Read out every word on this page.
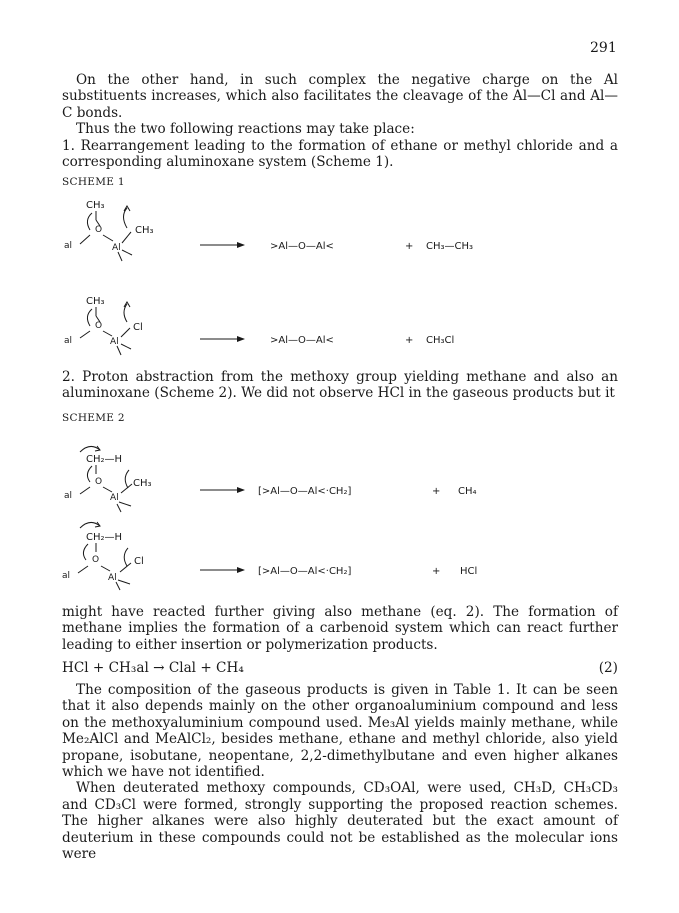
291

On the other hand, in such complex the negative charge on the Al substituents increases, which also facilitates the cleavage of the Al—Cl and Al—C bonds.

Thus the two following reactions may take place:

1. Rearrangement leading to the formation of ethane or methyl chloride and a corresponding aluminoxane system (Scheme 1).

SCHEME 1
CH₃
O
al	Al
CH₃
>Al—O—Al<	+ CH₃—CH₃
CH₃
O
al	Al
Cl
>Al—O—Al<	+ CH₃Cl
CH₂—H
O
al	Al
CH₃
[>Al—O—Al<·CH₂]	+ CH₄
CH₂—H
O
al	Al
Cl
[>Al—O—Al<·CH₂]	+ HCl

2. Proton abstraction from the methoxy group yielding methane and also an aluminoxane (Scheme 2). We did not observe HCl in the gaseous products but it

SCHEME 2

might have reacted further giving also methane (eq. 2). The formation of methane implies the formation of a carbenoid system which can react further leading to either insertion or polymerization products.

HCl + CH₃al → Clal + CH₄	(2)

The composition of the gaseous products is given in Table 1. It can be seen that it also depends mainly on the other organoaluminium compound and less on the methoxyaluminium compound used. Me₃Al yields mainly methane, while Me₂AlCl and MeAlCl₂, besides methane, ethane and methyl chloride, also yield propane, isobutane, neopentane, 2,2-dimethylbutane and even higher alkanes which we have not identified.

When deuterated methoxy compounds, CD₃OAl, were used, CH₃D, CH₃CD₃ and CD₃Cl were formed, strongly supporting the proposed reaction schemes. The higher alkanes were also highly deuterated but the exact amount of deuterium in these compounds could not be established as the molecular ions were
